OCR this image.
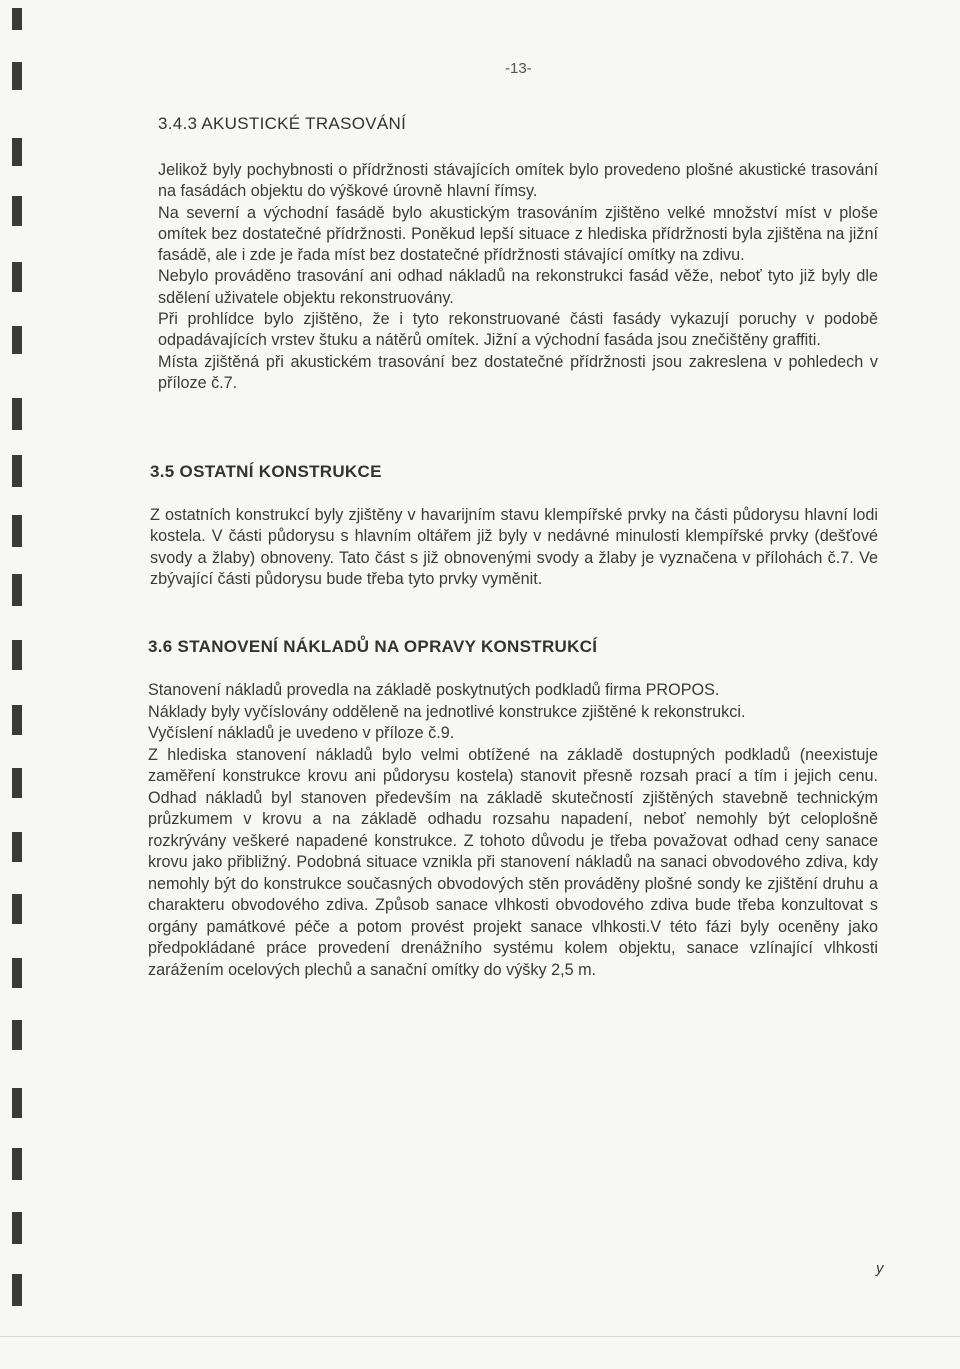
-13-
3.4.3 AKUSTICKÉ TRASOVÁNÍ

Jelikož byly pochybnosti o přídržnosti stávajících omítek bylo provedeno plošné akustické trasování na fasádách objektu do výškové úrovně hlavní římsy.

Na severní a východní fasádě bylo akustickým trasováním zjištěno velké množství míst v ploše omítek bez dostatečné přídržnosti. Poněkud lepší situace z hlediska přídržnosti byla zjištěna na jižní fasádě, ale i zde je řada míst bez dostatečné přídržnosti stávající omítky na zdivu.

Nebylo prováděno trasování ani odhad nákladů na rekonstrukci fasád věže, neboť tyto již byly dle sdělení uživatele objektu rekonstruovány.

Při prohlídce bylo zjištěno, že i tyto rekonstruované části fasády vykazují poruchy v podobě odpadávajících vrstev štuku a nátěrů omítek. Jižní a východní fasáda jsou znečištěny graffiti.

Místa zjištěná při akustickém trasování bez dostatečné přídržnosti jsou zakreslena v pohledech v příloze č.7.

3.5 OSTATNÍ KONSTRUKCE

Z ostatních konstrukcí byly zjištěny v havarijním stavu klempířské prvky na části půdorysu hlavní lodi kostela. V části půdorysu s hlavním oltářem již byly v nedávné minulosti klempířské prvky (dešťové svody a žlaby) obnoveny. Tato část s již obnovenými svody a žlaby je vyznačena v přílohách č.7. Ve zbývající části půdorysu bude třeba tyto prvky vyměnit.

3.6 STANOVENÍ NÁKLADŮ NA OPRAVY KONSTRUKCÍ

Stanovení nákladů provedla na základě poskytnutých podkladů firma PROPOS.

Náklady byly vyčíslovány odděleně na jednotlivé konstrukce zjištěné k rekonstrukci.

Vyčíslení nákladů je uvedeno v příloze č.9.

Z hlediska stanovení nákladů bylo velmi obtížené na základě dostupných podkladů (neexistuje zaměření konstrukce krovu ani půdorysu kostela) stanovit přesně rozsah prací a tím i jejich cenu. Odhad nákladů byl stanoven především na základě skutečností zjištěných stavebně technickým průzkumem v krovu a na základě odhadu rozsahu napadení, neboť nemohly být celoplošně rozkrývány veškeré napadené konstrukce. Z tohoto důvodu je třeba považovat odhad ceny sanace krovu jako přibližný. Podobná situace vznikla při stanovení nákladů na sanaci obvodového zdiva, kdy nemohly být do konstrukce současných obvodových stěn prováděny plošné sondy ke zjištění druhu a charakteru obvodového zdiva. Způsob sanace vlhkosti obvodového zdiva bude třeba konzultovat s orgány památkové péče a potom provést projekt sanace vlhkosti.V této fázi byly oceněny jako předpokládané práce provedení drenážního systému kolem objektu, sanace vzlínající vlhkosti zarážením ocelových plechů a sanační omítky do výšky 2,5 m.

y
